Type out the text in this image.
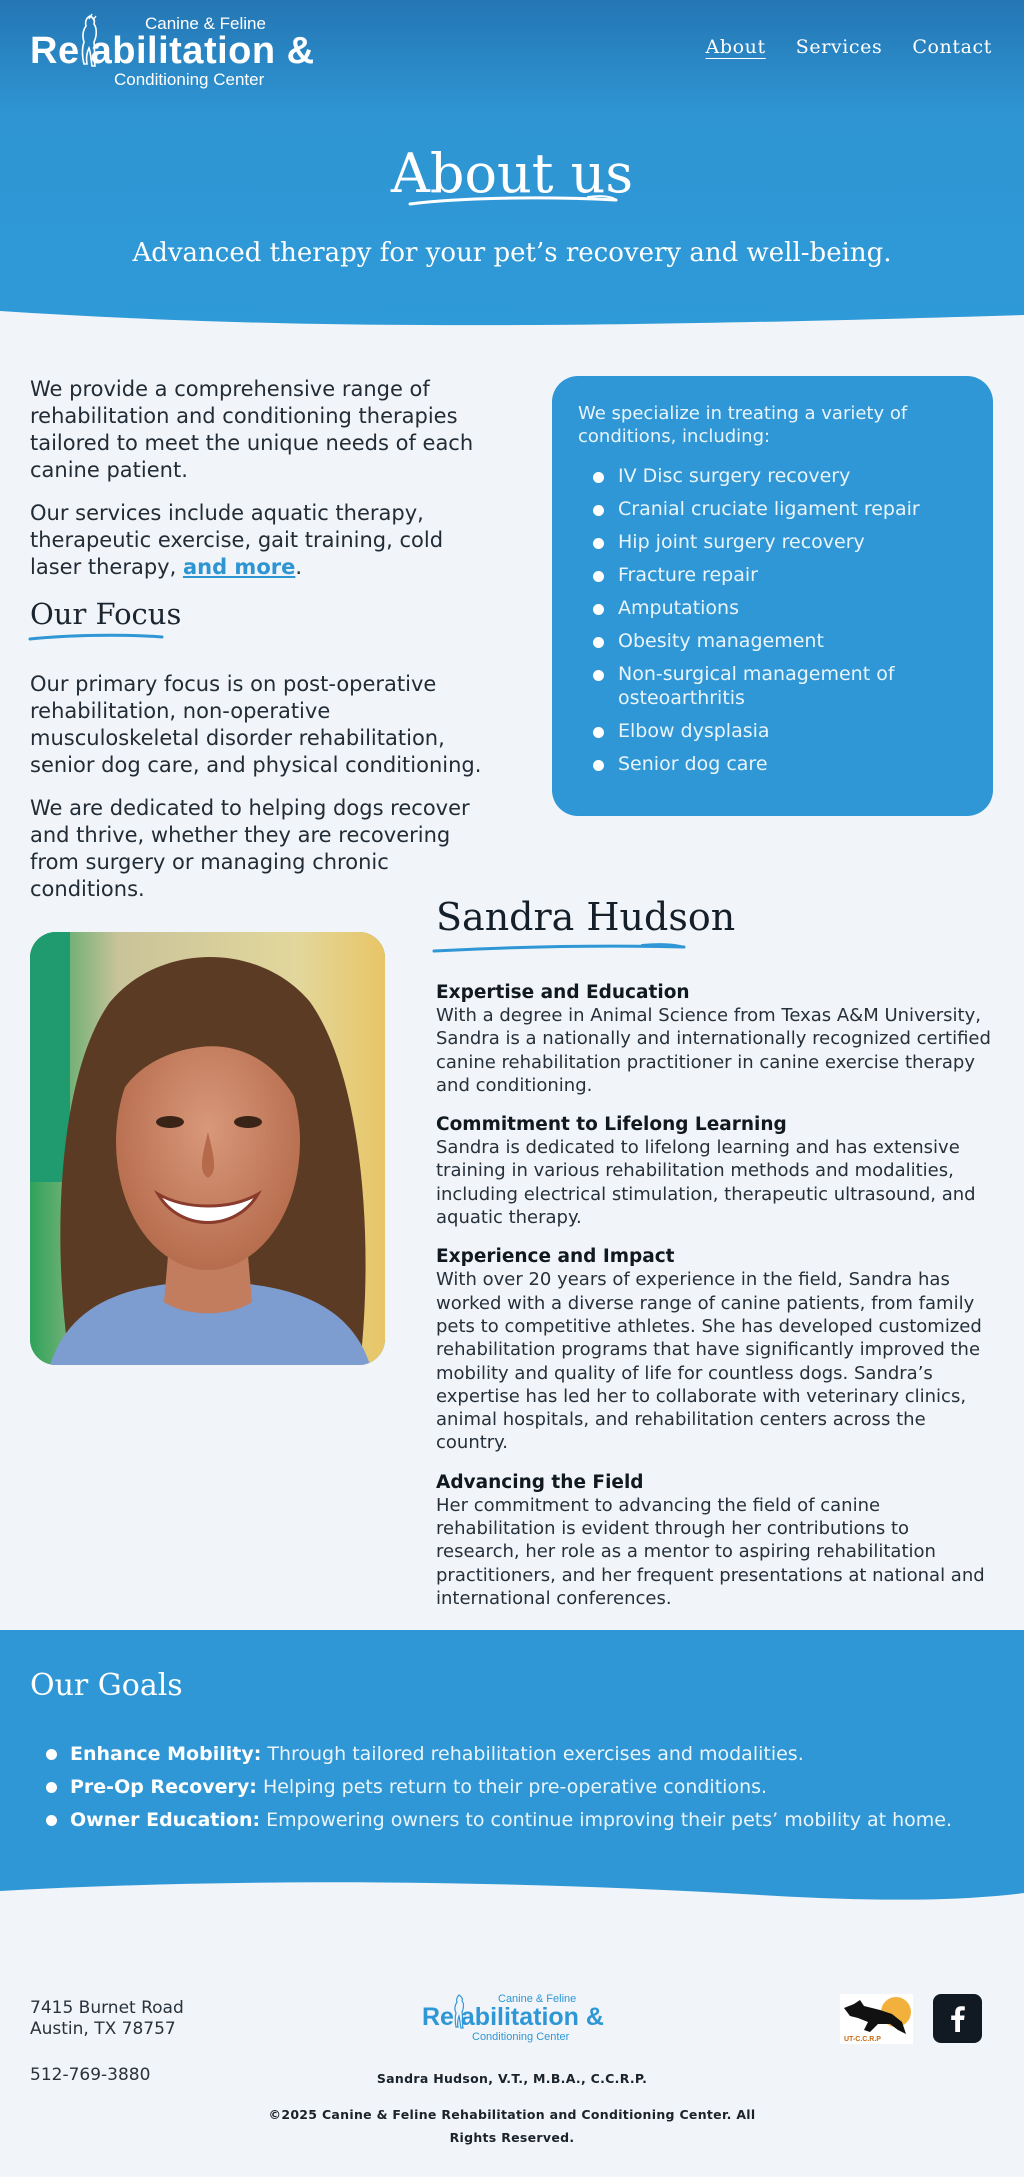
Canine & Feline
Re abilitation &
Conditioning Center
About Services Contact
About us

Advanced therapy for your pet’s recovery and well-being.

We provide a comprehensive range of rehabilitation and conditioning therapies tailored to meet the unique needs of each canine patient.

Our services include aquatic therapy, therapeutic exercise, gait training, cold laser therapy, and more.

Our Focus

Our primary focus is on post-operative rehabilitation, non-operative musculoskeletal disorder rehabilitation, senior dog care, and physical conditioning.

We are dedicated to helping dogs recover and thrive, whether they are recovering from surgery or managing chronic conditions.

We specialize in treating a variety of conditions, including:

IV Disc surgery recovery
Cranial cruciate ligament repair
Hip joint surgery recovery
Fracture repair
Amputations
Obesity management
Non-surgical management of osteoarthritis
Elbow dysplasia
Senior dog care
Sandra Hudson
Expertise and Education

With a degree in Animal Science from Texas A&M University, Sandra is a nationally and internationally recognized certified canine rehabilitation practitioner in canine exercise therapy and conditioning.

Commitment to Lifelong Learning

Sandra is dedicated to lifelong learning and has extensive training in various rehabilitation methods and modalities, including electrical stimulation, therapeutic ultrasound, and aquatic therapy.

Experience and Impact

With over 20 years of experience in the field, Sandra has worked with a diverse range of canine patients, from family pets to competitive athletes. She has developed customized rehabilitation programs that have significantly improved the mobility and quality of life for countless dogs. Sandra’s expertise has led her to collaborate with veterinary clinics, animal hospitals, and rehabilitation centers across the country.

Advancing the Field

Her commitment to advancing the field of canine rehabilitation is evident through her contributions to research, her role as a mentor to aspiring rehabilitation practitioners, and her frequent presentations at national and international conferences.

Our Goals
Enhance Mobility: Through tailored rehabilitation exercises and modalities.
Pre-Op Recovery: Helping pets return to their pre-operative conditions.
Owner Education: Empowering owners to continue improving their pets’ mobility at home.
7415 Burnet Road
Austin, TX 78757
512-769-3880
Canine & Feline
Re abilitation &
Conditioning Center
Sandra Hudson, V.T., M.B.A., C.C.R.P.
©2025 Canine & Feline Rehabilitation and Conditioning Center. All Rights Reserved.
UT-C.C.R.P
